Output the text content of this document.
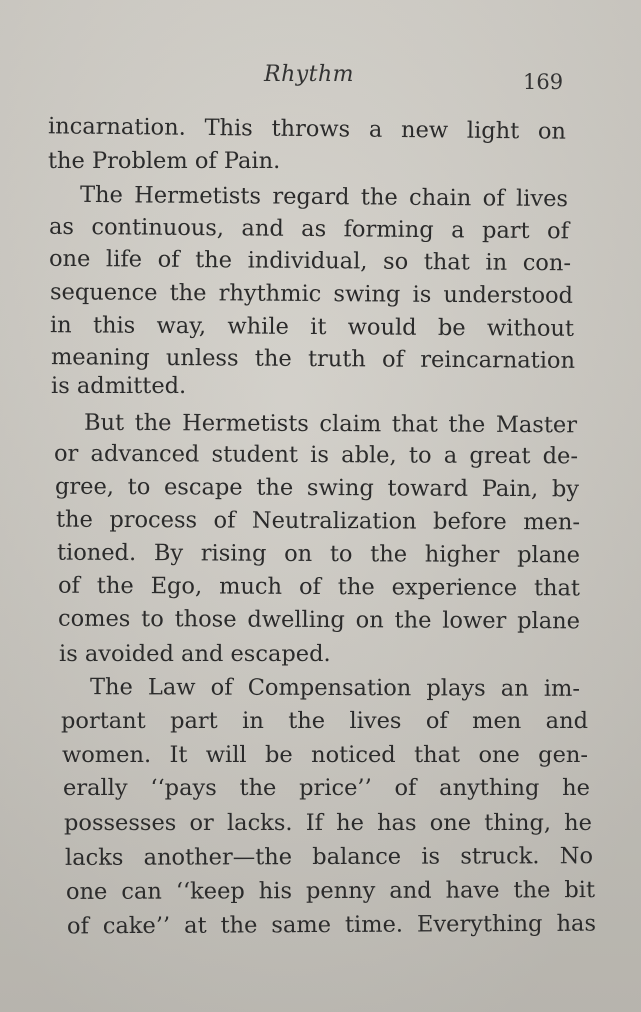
Rhythm	169
incarnation. This throws a new light on
the Problem of Pain.
The Hermetists regard the chain of lives
as continuous, and as forming a part of
one life of the individual, so that in con-
sequence the rhythmic swing is understood
in this way, while it would be without
meaning unless the truth of reincarnation
is admitted.
But the Hermetists claim that the Master
or advanced student is able, to a great de-
gree, to escape the swing toward Pain, by
the process of Neutralization before men-
tioned. By rising on to the higher plane
of the Ego, much of the experience that
comes to those dwelling on the lower plane
is avoided and escaped.
The Law of Compensation plays an im-
portant part in the lives of men and
women. It will be noticed that one gen-
erally ‘‘pays the price’’ of anything he
possesses or lacks. If he has one thing, he
lacks another—the balance is struck. No
one can ‘‘keep his penny and have the bit
of cake’’ at the same time. Everything has
